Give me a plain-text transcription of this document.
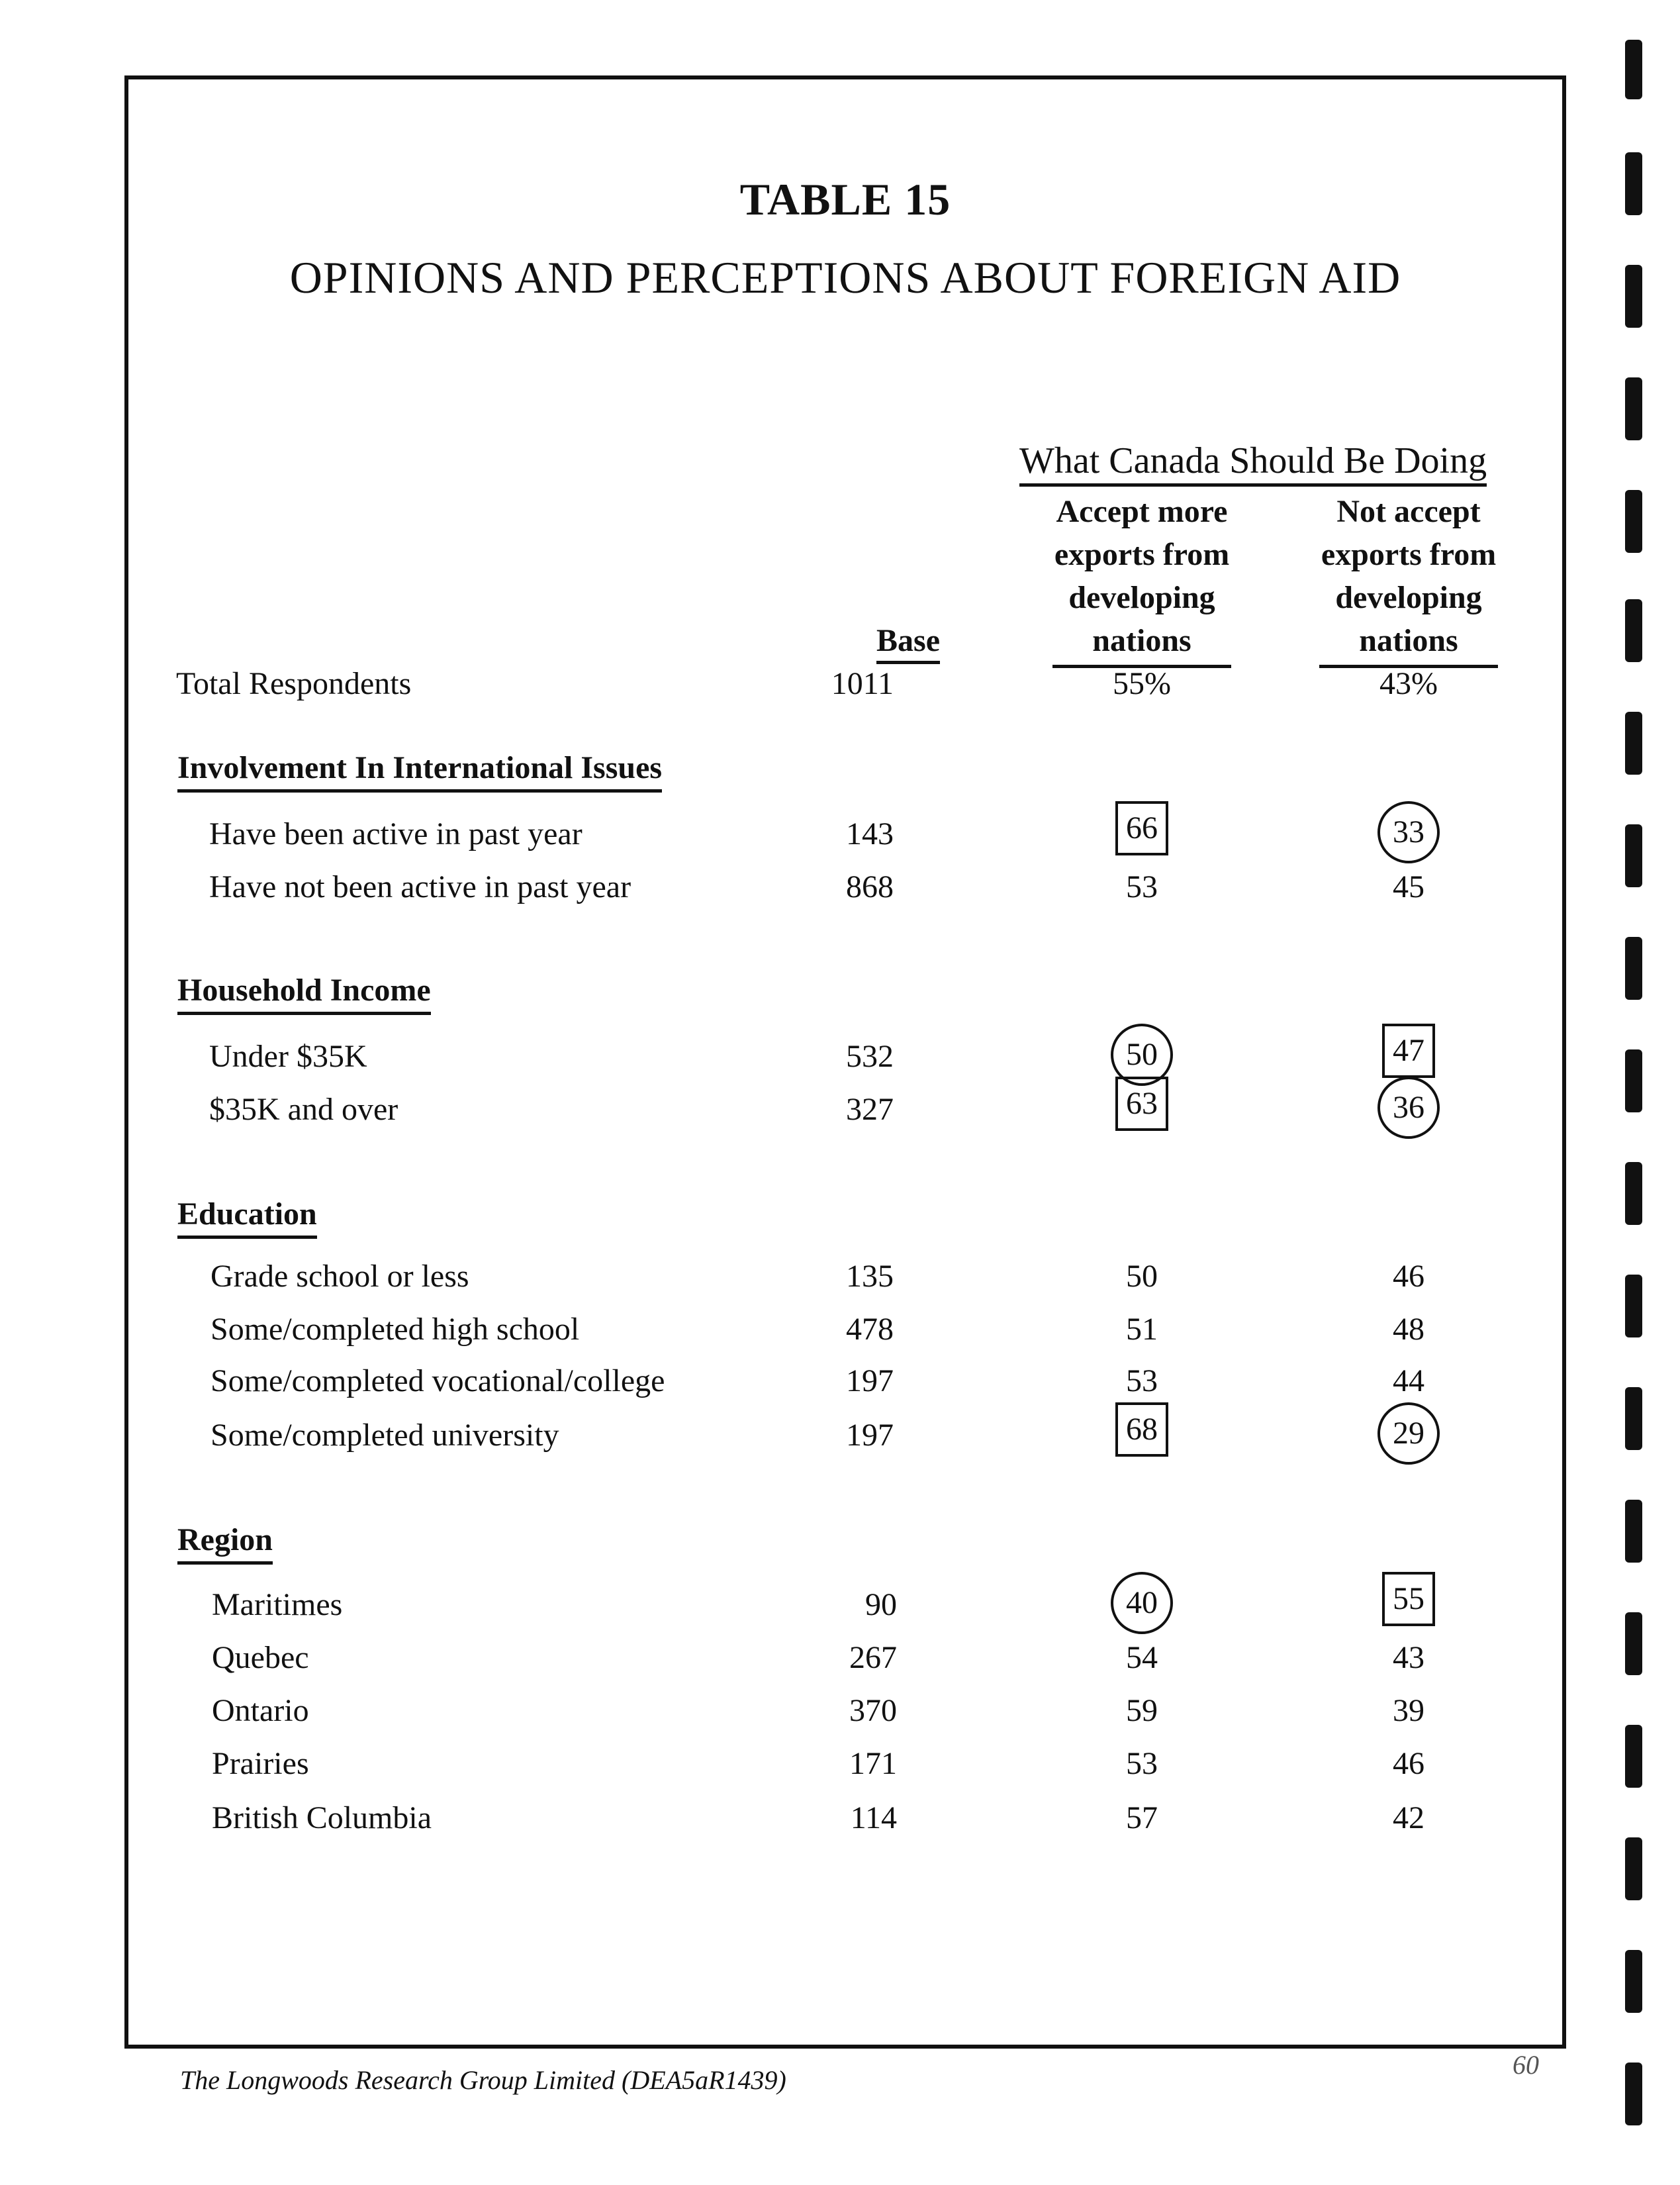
TABLE 15
OPINIONS AND PERCEPTIONS ABOUT FOREIGN AID
What Canada Should Be Doing
Accept more
exports from
developing
nations
Not accept
exports from
developing
nations
Base
Total Respondents	1011	55%	43%
Involvement In International Issues
Have been active in past year	143	66	33
Have not been active in past year	868	53	45
Household Income
Under $35K	532	50	47
$35K and over	327	63	36
Education
Grade school or less	135	50	46
Some/completed high school	478	51	48
Some/completed vocational/college	197	53	44
Some/completed university	197	68	29
Region
Maritimes	90	40	55
Quebec	267	54	43
Ontario	370	59	39
Prairies	171	53	46
British Columbia	114	57	42
The Longwoods Research Group Limited (DEA5aR1439)
60
